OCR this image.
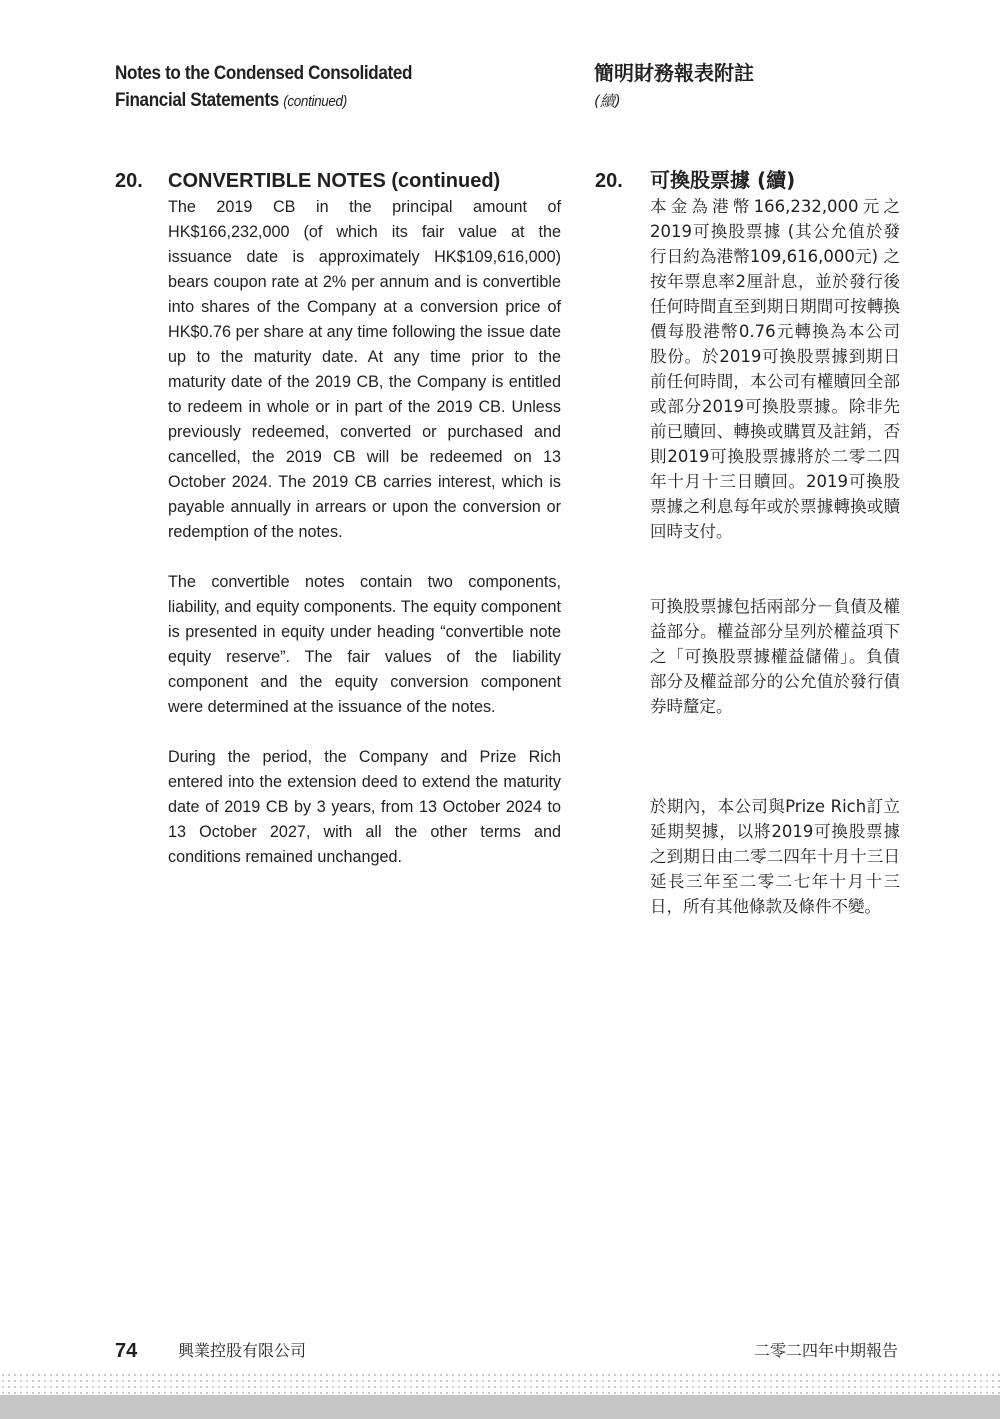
Notes to the Condensed Consolidated
Financial Statements (continued)
簡明財務報表附註
(續)
20. CONVERTIBLE NOTES (continued)	20. 可換股票據 (續)

The 2019 CB in the principal amount of HK$166,232,000 (of which its fair value at the issuance date is approximately HK$109,616,000) bears coupon rate at 2% per annum and is convertible into shares of the Company at a conversion price of HK$0.76 per share at any time following the issue date up to the maturity date. At any time prior to the maturity date of the 2019 CB, the Company is entitled to redeem in whole or in part of the 2019 CB. Unless previously redeemed, converted or purchased and cancelled, the 2019 CB will be redeemed on 13 October 2024. The 2019 CB carries interest, which is payable annually in arrears or upon the conversion or redemption of the notes.

The convertible notes contain two components, liability, and equity components. The equity component is presented in equity under heading “convertible note equity reserve”. The fair values of the liability component and the equity conversion component were determined at the issuance of the notes.

During the period, the Company and Prize Rich entered into the extension deed to extend the maturity date of 2019 CB by 3 years, from 13 October 2024 to 13 October 2027, with all the other terms and conditions remained unchanged.

本金為港幣166,232,000元之2019可換股票據 (其公允值於發行日約為港幣109,616,000元) 之按年票息率2厘計息，並於發行後任何時間直至到期日期間可按轉換價每股港幣0.76元轉換為本公司股份。於2019可換股票據到期日前任何時間，本公司有權贖回全部或部分2019可換股票據。除非先前已贖回、轉換或購買及註銷，否則2019可換股票據將於二零二四年十月十三日贖回。2019可換股票據之利息每年或於票據轉換或贖回時支付。

可換股票據包括兩部分－負債及權益部分。權益部分呈列於權益項下之「可換股票據權益儲備」。負債部分及權益部分的公允值於發行債券時釐定。

於期內，本公司與Prize Rich訂立延期契據，以將2019可換股票據之到期日由二零二四年十月十三日延長三年至二零二七年十月十三日，所有其他條款及條件不變。

74	興業控股有限公司	二零二四年中期報告
